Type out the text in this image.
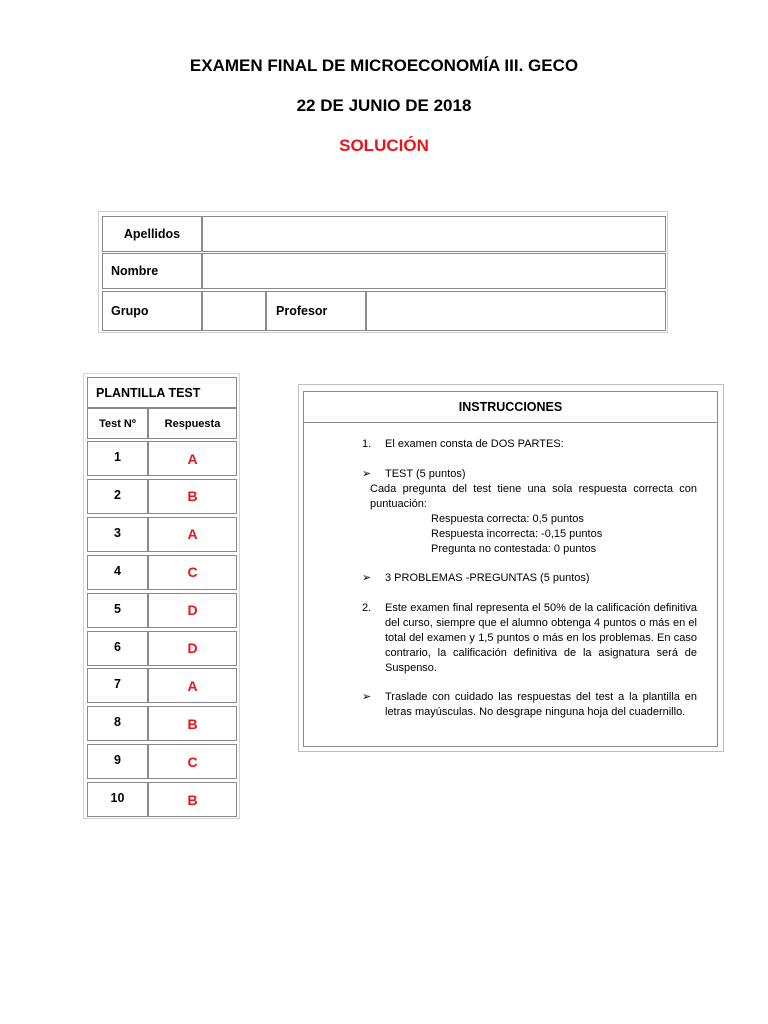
EXAMEN FINAL DE MICROECONOMÍA III. GECO
22 DE JUNIO DE 2018
SOLUCIÓN
Apellidos
Nombre
Grupo	Profesor
PLANTILLA TEST
Test Nº	Respuesta
1	A
2	B
3	A
4	C
5	D
6	D
7	A
8	B
9	C
10	B
INSTRUCCIONES
1. El examen consta de DOS PARTES:
➢ TEST (5 puntos)
Cada pregunta del test tiene una sola respuesta correcta con puntuación:
Respuesta correcta: 0,5 puntos
Respuesta incorrecta: -0,15 puntos
Pregunta no contestada: 0 puntos
➢ 3 PROBLEMAS -PREGUNTAS (5 puntos)
2. Este examen final representa el 50% de la calificación definitiva del curso, siempre que el alumno obtenga 4 puntos o más en el total del examen y 1,5 puntos o más en los problemas. En caso contrario, la calificación definitiva de la asignatura será de Suspenso.
➢ Traslade con cuidado las respuestas del test a la plantilla en letras mayúsculas. No desgrape ninguna hoja del cuadernillo.
